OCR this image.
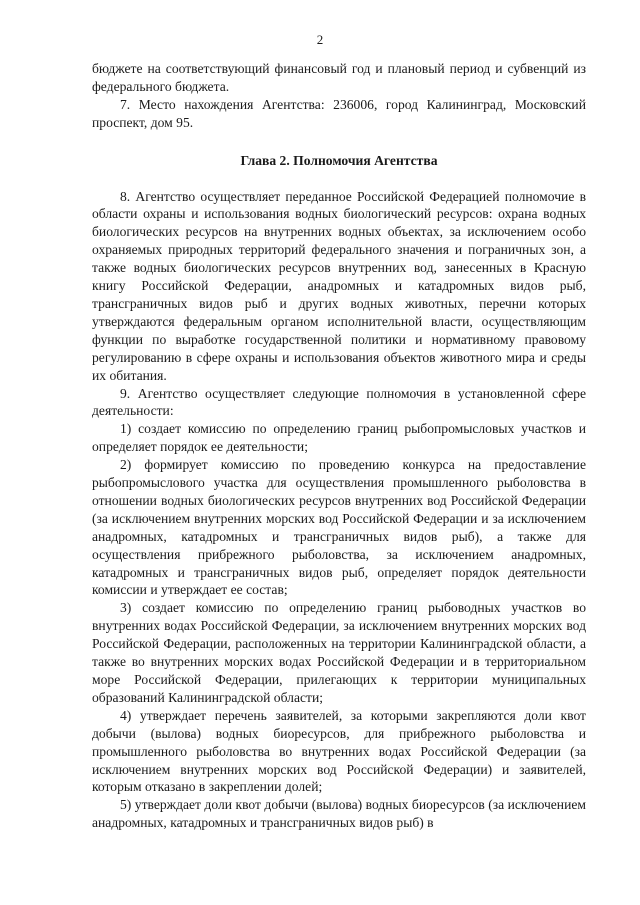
2

бюджете на соответствующий финансовый год и плановый период и субвенций из федерального бюджета.

7. Место нахождения Агентства: 236006, город Калининград, Московский проспект, дом 95.

Глава 2. Полномочия Агентства

8. Агентство осуществляет переданное Российской Федерацией полномочие в области охраны и использования водных биологический ресурсов: охрана водных биологических ресурсов на внутренних водных объектах, за исключением особо охраняемых природных территорий федерального значения и пограничных зон, а также водных биологических ресурсов внутренних вод, занесенных в Красную книгу Российской Федерации, анадромных и катадромных видов рыб, трансграничных видов рыб и других водных животных, перечни которых утверждаются федеральным органом исполнительной власти, осуществляющим функции по выработке государственной политики и нормативному правовому регулированию в сфере охраны и использования объектов животного мира и среды их обитания.

9. Агентство осуществляет следующие полномочия в установленной сфере деятельности:

1) создает комиссию по определению границ рыбопромысловых участков и определяет порядок ее деятельности;

2) формирует комиссию по проведению конкурса на предоставление рыбопромыслового участка для осуществления промышленного рыболовства в отношении водных биологических ресурсов внутренних вод Российской Федерации (за исключением внутренних морских вод Российской Федерации и за исключением анадромных, катадромных и трансграничных видов рыб), а также для осуществления прибрежного рыболовства, за исключением анадромных, катадромных и трансграничных видов рыб, определяет порядок деятельности комиссии и утверждает ее состав;

3) создает комиссию по определению границ рыбоводных участков во внутренних водах Российской Федерации, за исключением внутренних морских вод Российской Федерации, расположенных на территории Калининградской области, а также во внутренних морских водах Российской Федерации и в территориальном море Российской Федерации, прилегающих к территории муниципальных образований Калининградской области;

4) утверждает перечень заявителей, за которыми закрепляются доли квот добычи (вылова) водных биоресурсов, для прибрежного рыболовства и промышленного рыболовства во внутренних водах Российской Федерации (за исключением внутренних морских вод Российской Федерации) и заявителей, которым отказано в закреплении долей;

5) утверждает доли квот добычи (вылова) водных биоресурсов (за исключением анадромных, катадромных и трансграничных видов рыб) в
